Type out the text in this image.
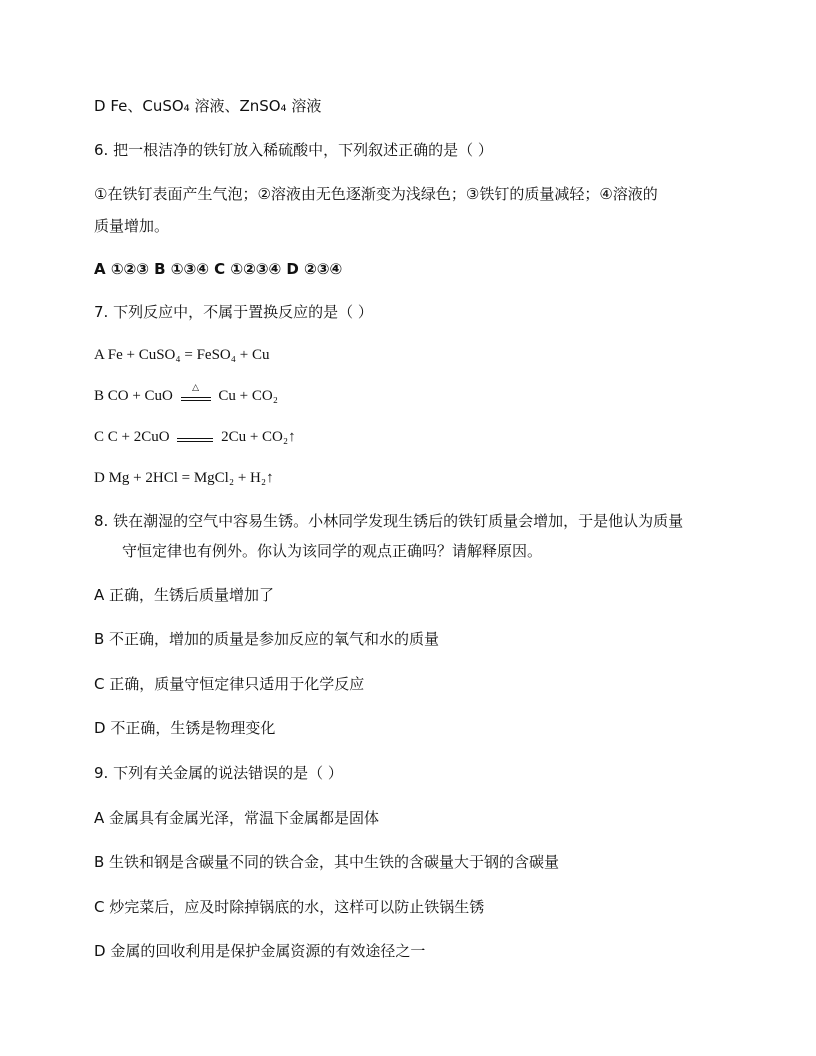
D Fe、CuSO₄ 溶液、ZnSO₄ 溶液
6. 把一根洁净的铁钉放入稀硫酸中，下列叙述正确的是（ ）
①在铁钉表面产生气泡；②溶液由无色逐渐变为浅绿色；③铁钉的质量减轻；④溶液的
质量增加。
A ①②③ B ①③④ C ①②③④ D ②③④
7. 下列反应中，不属于置换反应的是（ ）
A Fe + CuSO₄ = FeSO₄ + Cu
B CO + CuO
△
Cu + CO₂
C C + 2CuO	2Cu + CO₂↑
D Mg + 2HCl = MgCl₂ + H₂↑
8. 铁在潮湿的空气中容易生锈。小林同学发现生锈后的铁钉质量会增加，于是他认为质量
守恒定律也有例外。你认为该同学的观点正确吗？请解释原因。
A 正确，生锈后质量增加了
B 不正确，增加的质量是参加反应的氧气和水的质量
C 正确，质量守恒定律只适用于化学反应
D 不正确，生锈是物理变化
9. 下列有关金属的说法错误的是（ ）
A 金属具有金属光泽，常温下金属都是固体
B 生铁和钢是含碳量不同的铁合金，其中生铁的含碳量大于钢的含碳量
C 炒完菜后，应及时除掉锅底的水，这样可以防止铁锅生锈
D 金属的回收利用是保护金属资源的有效途径之一
